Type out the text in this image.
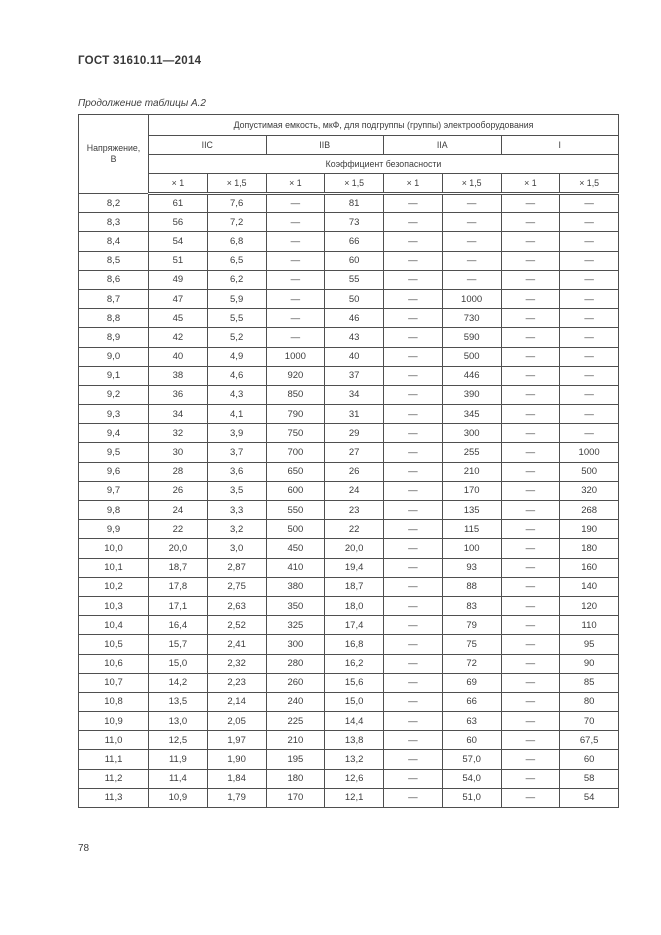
ГОСТ 31610.11—2014
Продолжение таблицы А.2
Напряжение,
В	Допустимая емкость, мкФ, для подгруппы (группы) электрооборудования							
	IIC		IIB		IIA		I	
	Коэффициент безопасности							
	× 1	× 1,5	× 1	× 1,5	× 1	× 1,5	× 1	× 1,5
8,2	61	7,6	—	81	—	—	—	—
8,3	56	7,2	—	73	—	—	—	—
8,4	54	6,8	—	66	—	—	—	—
8,5	51	6,5	—	60	—	—	—	—
8,6	49	6,2	—	55	—	—	—	—
8,7	47	5,9	—	50	—	1000	—	—
8,8	45	5,5	—	46	—	730	—	—
8,9	42	5,2	—	43	—	590	—	—
9,0	40	4,9	1000	40	—	500	—	—
9,1	38	4,6	920	37	—	446	—	—
9,2	36	4,3	850	34	—	390	—	—
9,3	34	4,1	790	31	—	345	—	—
9,4	32	3,9	750	29	—	300	—	—
9,5	30	3,7	700	27	—	255	—	1000
9,6	28	3,6	650	26	—	210	—	500
9,7	26	3,5	600	24	—	170	—	320
9,8	24	3,3	550	23	—	135	—	268
9,9	22	3,2	500	22	—	115	—	190
10,0	20,0	3,0	450	20,0	—	100	—	180
10,1	18,7	2,87	410	19,4	—	93	—	160
10,2	17,8	2,75	380	18,7	—	88	—	140
10,3	17,1	2,63	350	18,0	—	83	—	120
10,4	16,4	2,52	325	17,4	—	79	—	110
10,5	15,7	2,41	300	16,8	—	75	—	95
10,6	15,0	2,32	280	16,2	—	72	—	90
10,7	14,2	2,23	260	15,6	—	69	—	85
10,8	13,5	2,14	240	15,0	—	66	—	80
10,9	13,0	2,05	225	14,4	—	63	—	70
11,0	12,5	1,97	210	13,8	—	60	—	67,5
11,1	11,9	1,90	195	13,2	—	57,0	—	60
11,2	11,4	1,84	180	12,6	—	54,0	—	58
11,3	10,9	1,79	170	12,1	—	51,0	—	54
78
